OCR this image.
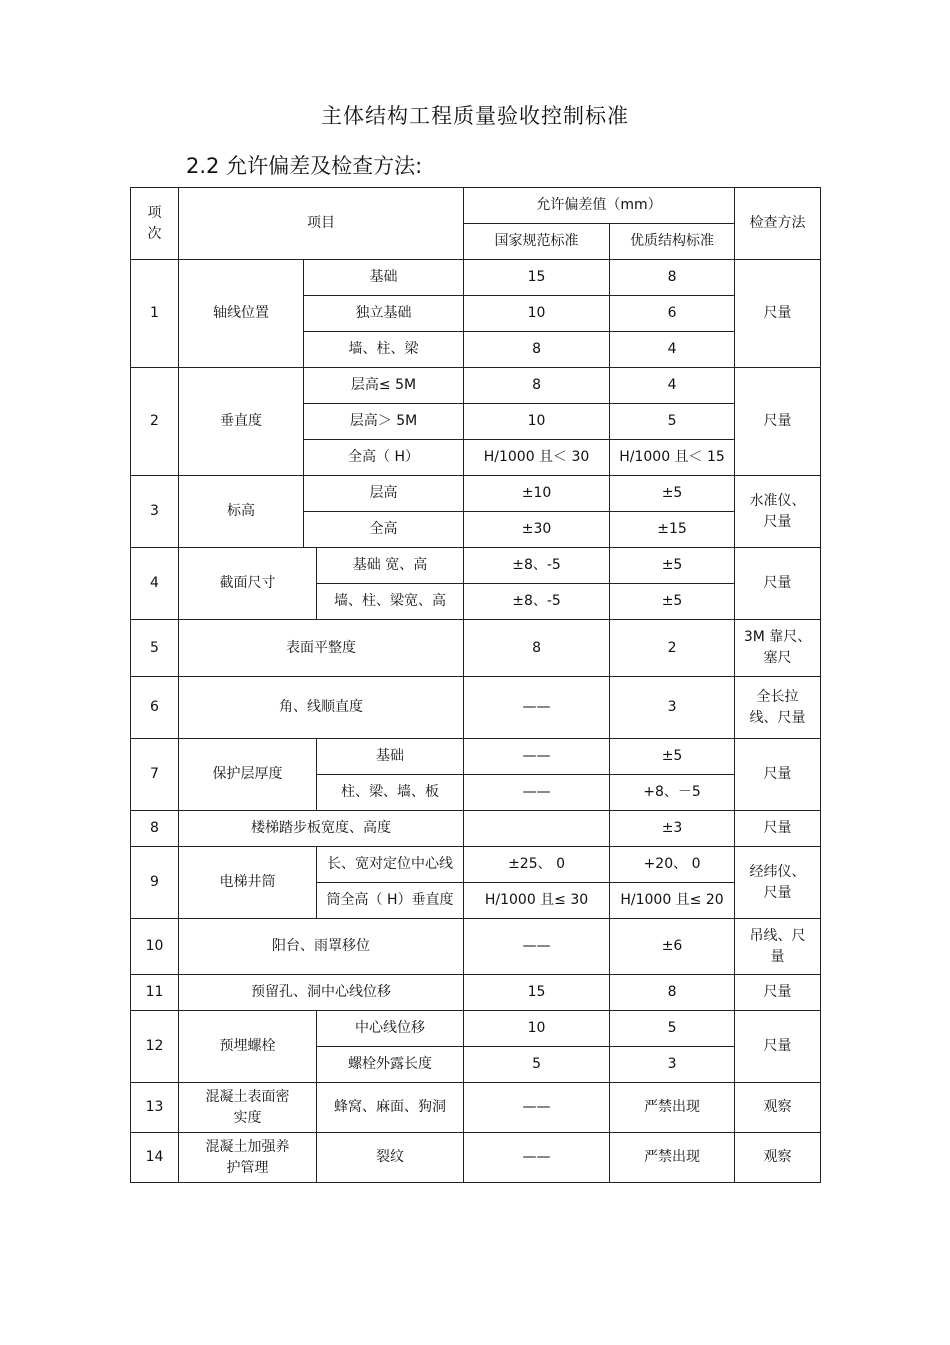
主体结构工程质量验收控制标准
2.2 允许偏差及检查方法:
项
次	项目			允许偏差值（mm）		检查方法
				国家规范标准	优质结构标准	
1	轴线位置	基础		15	8	尺量
		独立基础		10	6	
		墙、柱、梁		8	4	
2	垂直度	层高≤ 5M		8	4	尺量
		层高＞ 5M		10	5	
		全高（ H）		H/1000 且＜ 30	H/1000 且＜ 15	
3	标高	层高		±10	±5	水准仪、
尺量
		全高		±30	±15	
4	截面尺寸		基础 宽、高	±8、-5	±5	尺量
			墙、柱、梁宽、高	±8、-5	±5	
5	表面平整度			8	2	3M 靠尺、
塞尺
6	角、线顺直度			——	3	全长拉
线、尺量
7	保护层厚度		基础	——	±5	尺量
			柱、梁、墙、板	——	+8、－5	
8	楼梯踏步板宽度、高度				±3	尺量
9	电梯井筒		长、宽对定位中心线	±25、 0	+20、 0	经纬仪、
尺量
			筒全高（ H）垂直度	H/1000 且≤ 30	H/1000 且≤ 20	
10	阳台、雨罩移位			——	±6	吊线、尺
量
11	预留孔、洞中心线位移			15	8	尺量
12	预埋螺栓		中心线位移	10	5	尺量
			螺栓外露长度	5	3	
13	混凝土表面密
实度		蜂窝、麻面、狗洞	——	严禁出现	观察
14	混凝土加强养
护管理		裂纹	——	严禁出现	观察
